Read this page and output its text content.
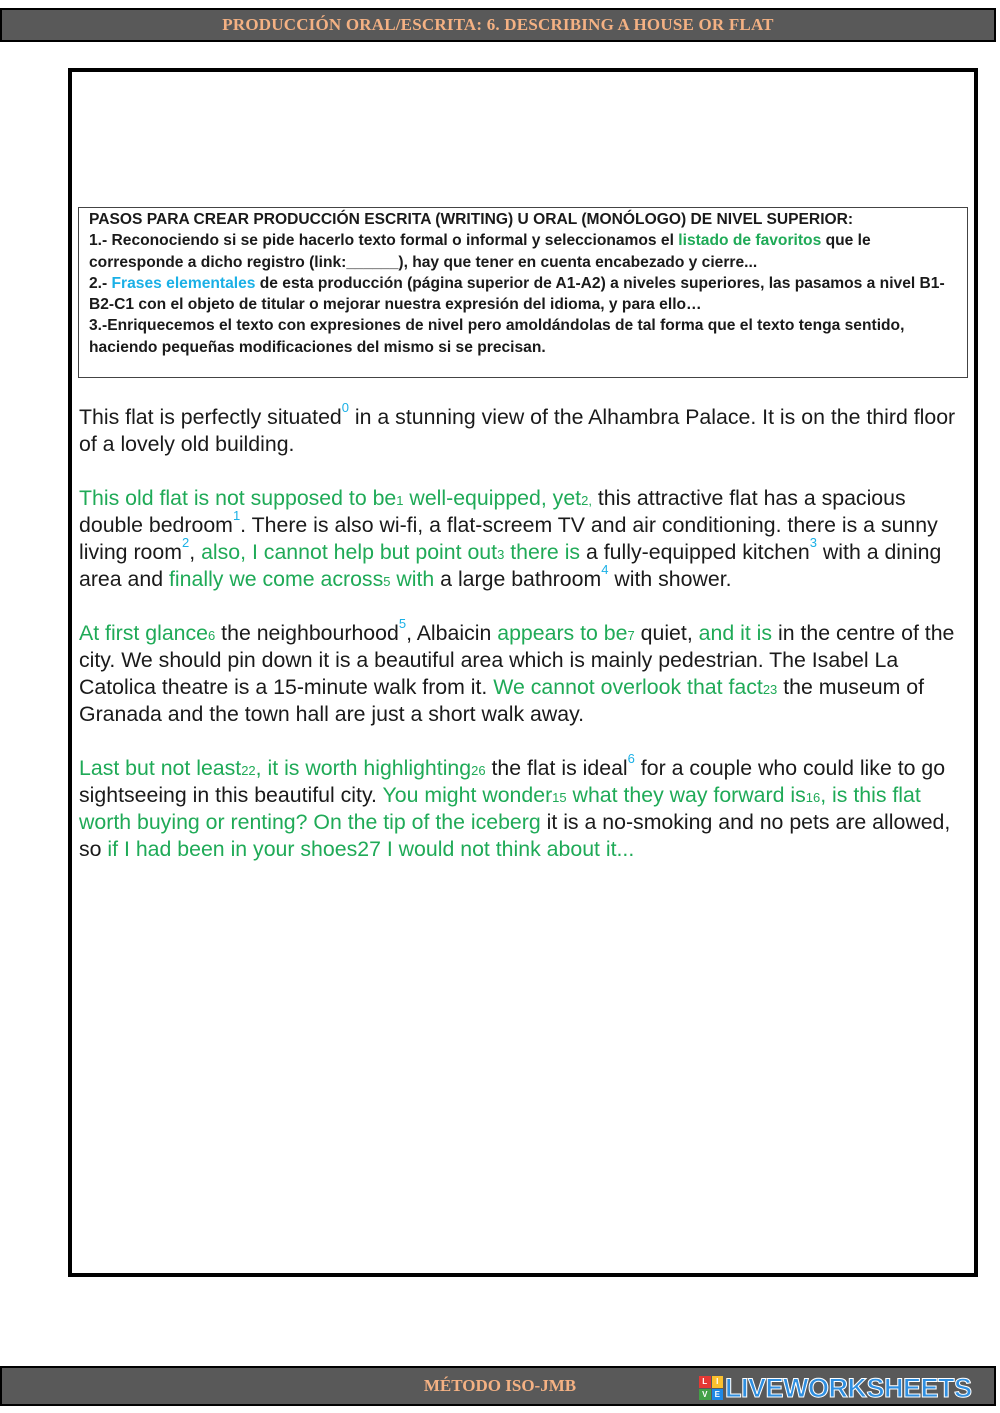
PRODUCCIÓN ORAL/ESCRITA: 6. DESCRIBING A HOUSE OR FLAT

PASOS PARA CREAR PRODUCCIÓN ESCRITA (WRITING) U ORAL (MONÓLOGO) DE NIVEL SUPERIOR:

1.- Reconociendo si se pide hacerlo texto formal o informal y seleccionamos el listado de favoritos que le corresponde a dicho registro (link:______), hay que tener en cuenta encabezado y cierre...

2.- Frases elementales de esta producción (página superior de A1-A2) a niveles superiores, las pasamos a nivel B1-B2-C1 con el objeto de titular o mejorar nuestra expresión del idioma, y para ello…

3.-Enriquecemos el texto con expresiones de nivel pero amoldándolas de tal forma que el texto tenga sentido, haciendo pequeñas modificaciones del mismo si se precisan.

This flat is perfectly situated$^0$ in a stunning view of the Alhambra Palace. It is on the third floor of a lovely old building.

This old flat is not supposed to be1 well-equipped, yet2, this attractive flat has a spacious double bedroom$^1$. There is also wi-fi, a flat-screem TV and air conditioning. there is a sunny living room$^2$, also, I cannot help but point out3 there is a fully-equipped kitchen$^3$ with a dining area and finally we come across5 with a large bathroom$^4$ with shower.

At first glance6 the neighbourhood$^5$, Albaicin appears to be7 quiet, and it is in the centre of the city. We should pin down it is a beautiful area which is mainly pedestrian. The Isabel La Catolica theatre is a 15-minute walk from it. We cannot overlook that fact23 the museum of Granada and the town hall are just a short walk away.

Last but not least22, it is worth highlighting26 the flat is ideal$^6$ for a couple who could like to go sightseeing in this beautiful city. You might wonder15 what they way forward is16, is this flat worth buying or renting? On the tip of the iceberg it is a no-smoking and no pets are allowed, so if I had been in your shoes27 I would not think about it...

MÉTODO ISO-JMB	L	I
V E LIVEWORKSHEETS
